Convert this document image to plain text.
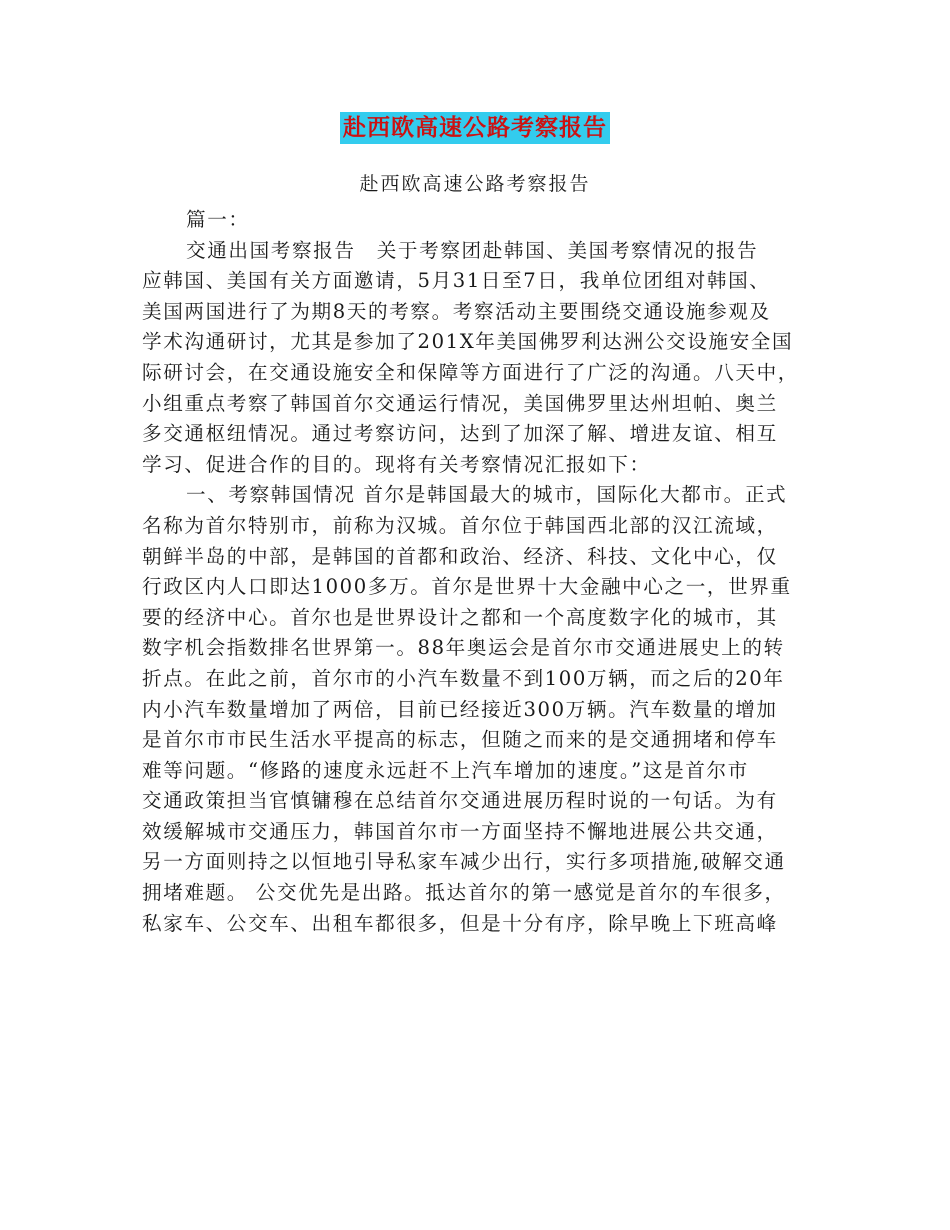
赴西欧高速公路考察报告
赴西欧高速公路考察报告
篇一：
交通出国考察报告　关于考察团赴韩国、美国考察情况的报告
应韩国、美国有关方面邀请，5月31日至7日，我单位团组对韩国、
美国两国进行了为期8天的考察。考察活动主要围绕交通设施参观及
学术沟通研讨，尤其是参加了201X年美国佛罗利达洲公交设施安全国
际研讨会，在交通设施安全和保障等方面进行了广泛的沟通。八天中，
小组重点考察了韩国首尔交通运行情况，美国佛罗里达州坦帕、奥兰
多交通枢纽情况。通过考察访问，达到了加深了解、增进友谊、相互
学习、促进合作的目的。现将有关考察情况汇报如下：
一、考察韩国情况 首尔是韩国最大的城市，国际化大都市。正式
名称为首尔特别市，前称为汉城。首尔位于韩国西北部的汉江流域，
朝鲜半岛的中部，是韩国的首都和政治、经济、科技、文化中心，仅
行政区内人口即达1000多万。首尔是世界十大金融中心之一，世界重
要的经济中心。首尔也是世界设计之都和一个高度数字化的城市，其
数字机会指数排名世界第一。88年奥运会是首尔市交通进展史上的转
折点。在此之前，首尔市的小汽车数量不到100万辆，而之后的20年
内小汽车数量增加了两倍，目前已经接近300万辆。汽车数量的增加
是首尔市市民生活水平提高的标志，但随之而来的是交通拥堵和停车
难等问题。“修路的速度永远赶不上汽车增加的速度。”这是首尔市
交通政策担当官慎镛穆在总结首尔交通进展历程时说的一句话。为有
效缓解城市交通压力，韩国首尔市一方面坚持不懈地进展公共交通，
另一方面则持之以恒地引导私家车减少出行，实行多项措施,破解交通
拥堵难题。 公交优先是出路。抵达首尔的第一感觉是首尔的车很多，
私家车、公交车、出租车都很多，但是十分有序，除早晚上下班高峰
